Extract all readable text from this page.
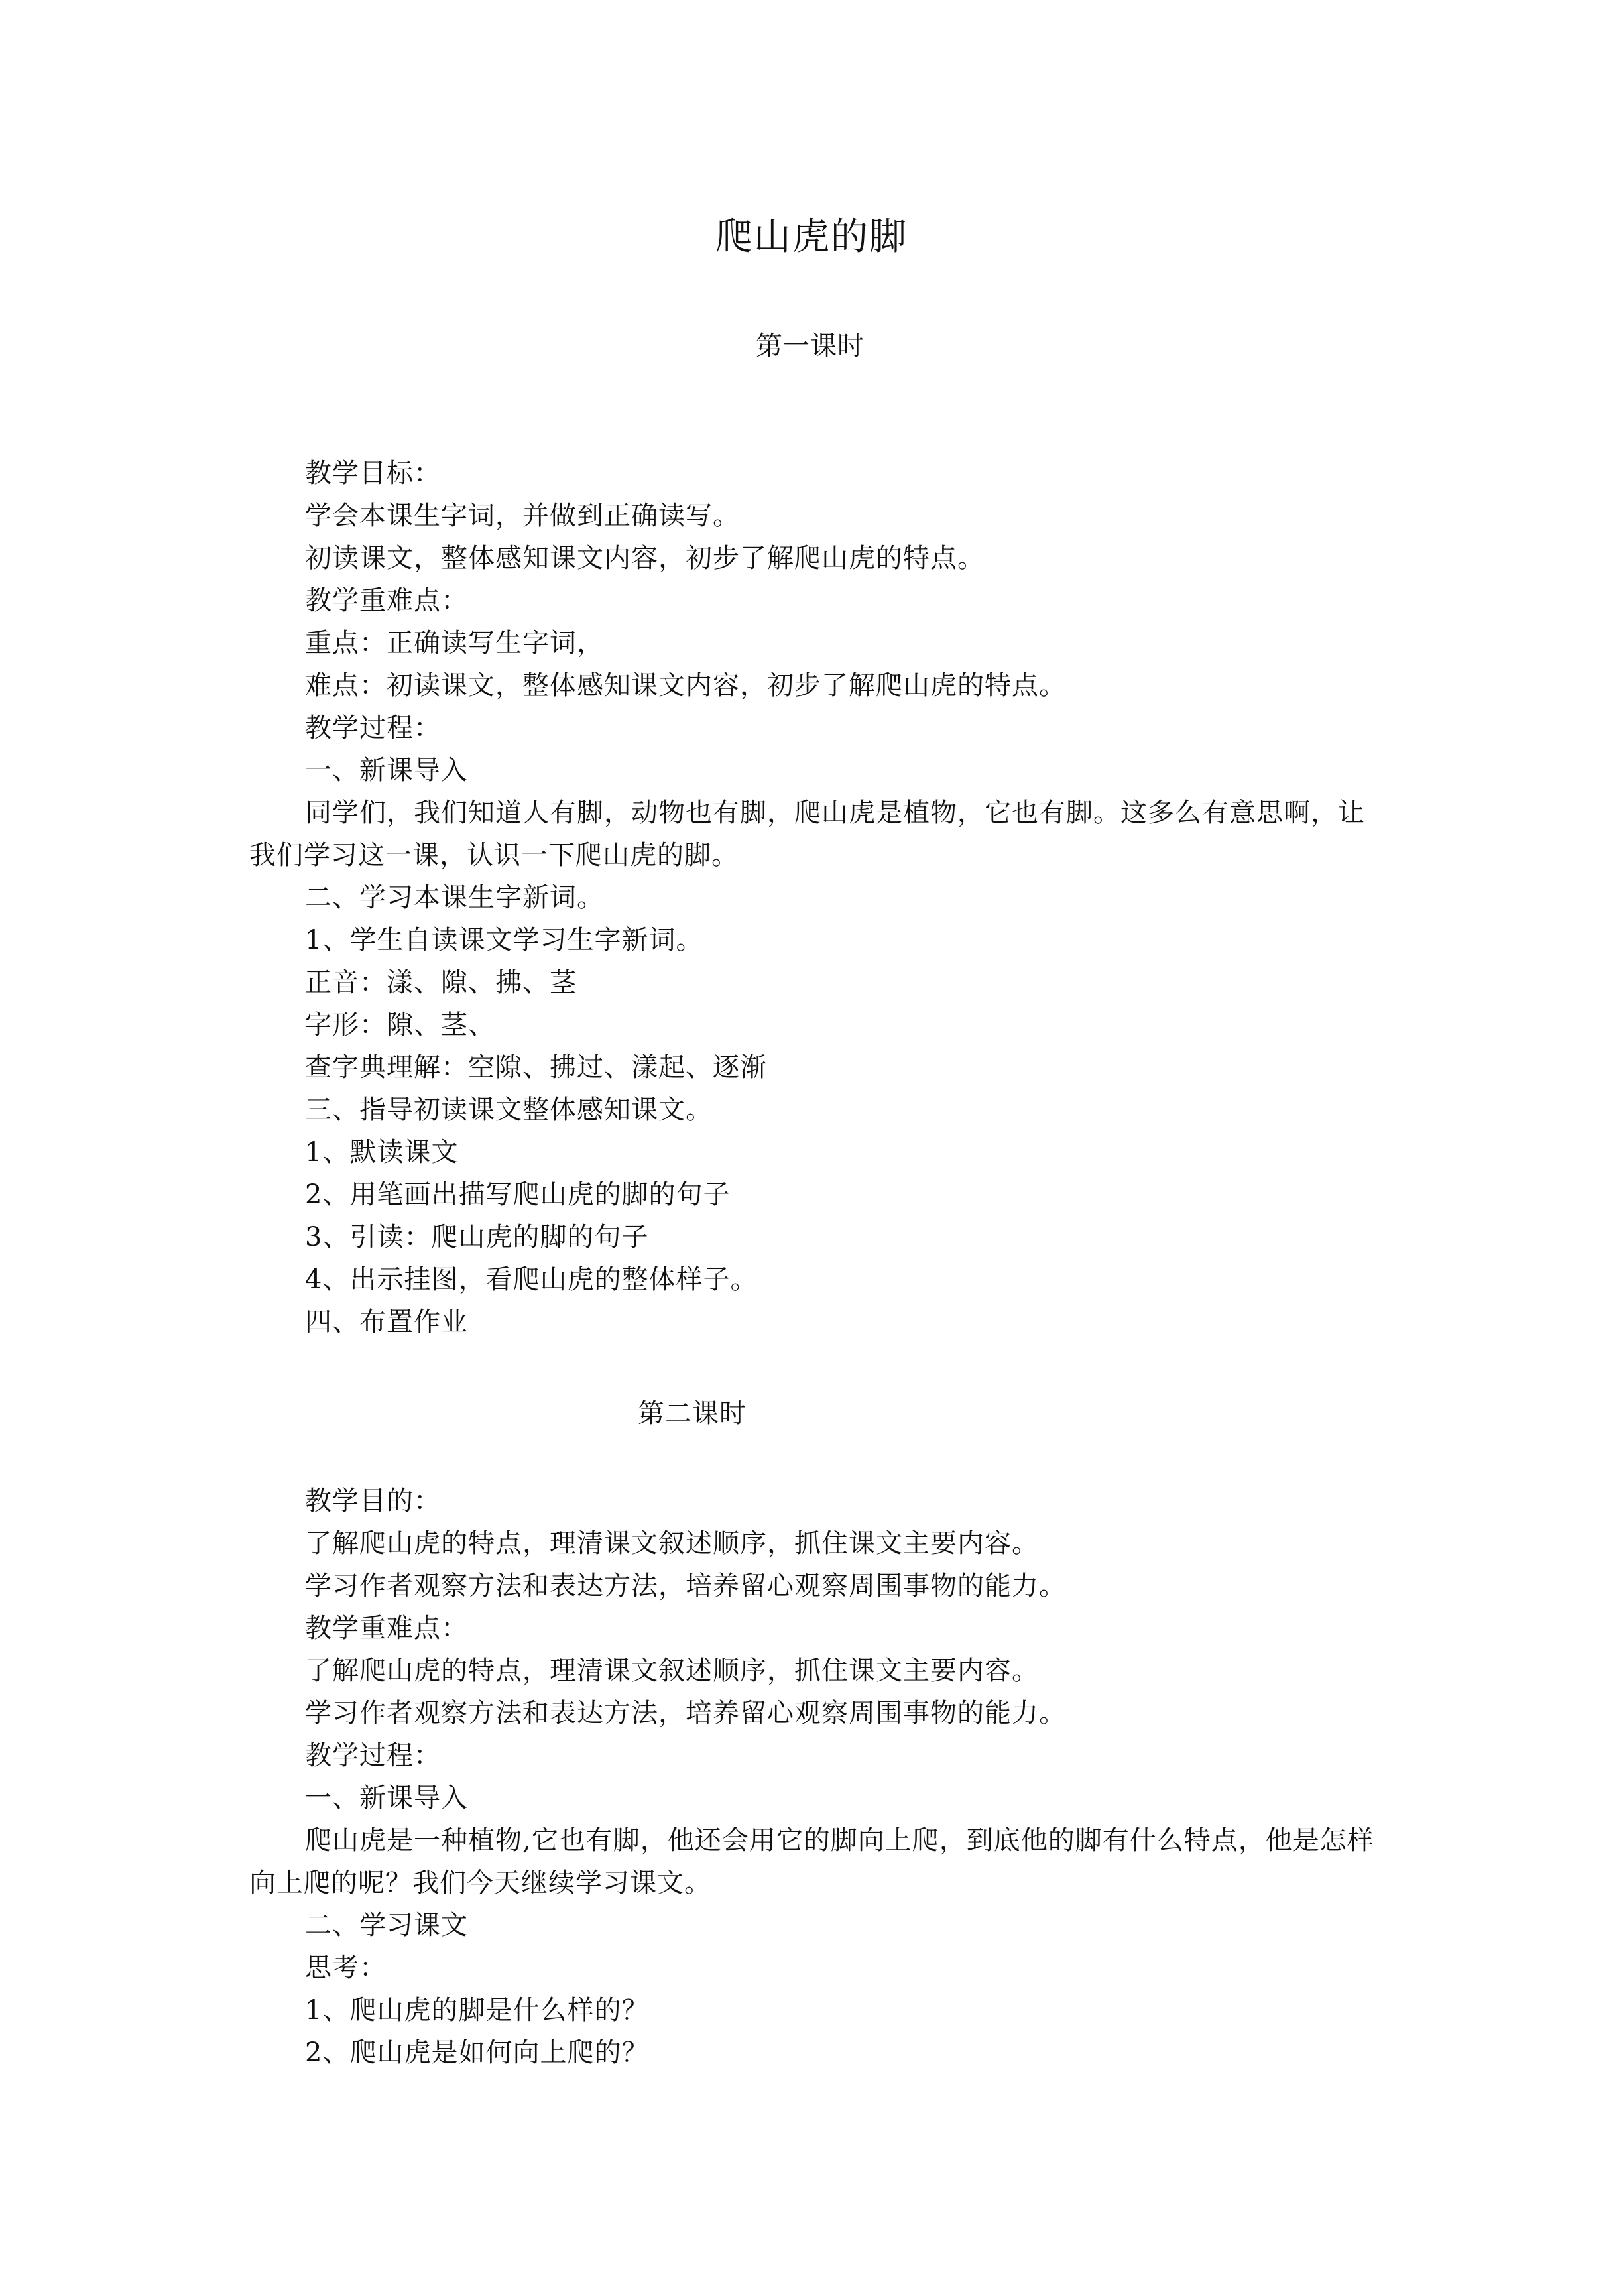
爬山虎的脚
第一课时
教学目标：
学会本课生字词，并做到正确读写。
初读课文，整体感知课文内容，初步了解爬山虎的特点。
教学重难点：
重点：正确读写生字词，
难点：初读课文，整体感知课文内容，初步了解爬山虎的特点。
教学过程：
一、新课导入
同学们，我们知道人有脚，动物也有脚，爬山虎是植物，它也有脚。这多么有意思啊，让我们学习这一课，认识一下爬山虎的脚。
二、学习本课生字新词。
1、学生自读课文学习生字新词。
正音：漾、隙、拂、茎
字形：隙、茎、
查字典理解：空隙、拂过、漾起、逐渐
三、指导初读课文整体感知课文。
1、默读课文
2、用笔画出描写爬山虎的脚的句子
3、引读：爬山虎的脚的句子
4、出示挂图，看爬山虎的整体样子。
四、布置作业
第二课时
教学目的：
了解爬山虎的特点，理清课文叙述顺序，抓住课文主要内容。
学习作者观察方法和表达方法，培养留心观察周围事物的能力。
教学重难点：
了解爬山虎的特点，理清课文叙述顺序，抓住课文主要内容。
学习作者观察方法和表达方法，培养留心观察周围事物的能力。
教学过程：
一、新课导入
爬山虎是一种植物,它也有脚，他还会用它的脚向上爬，到底他的脚有什么特点，他是怎样向上爬的呢？我们今天继续学习课文。
二、学习课文
思考：
1、爬山虎的脚是什么样的？
2、爬山虎是如何向上爬的？
